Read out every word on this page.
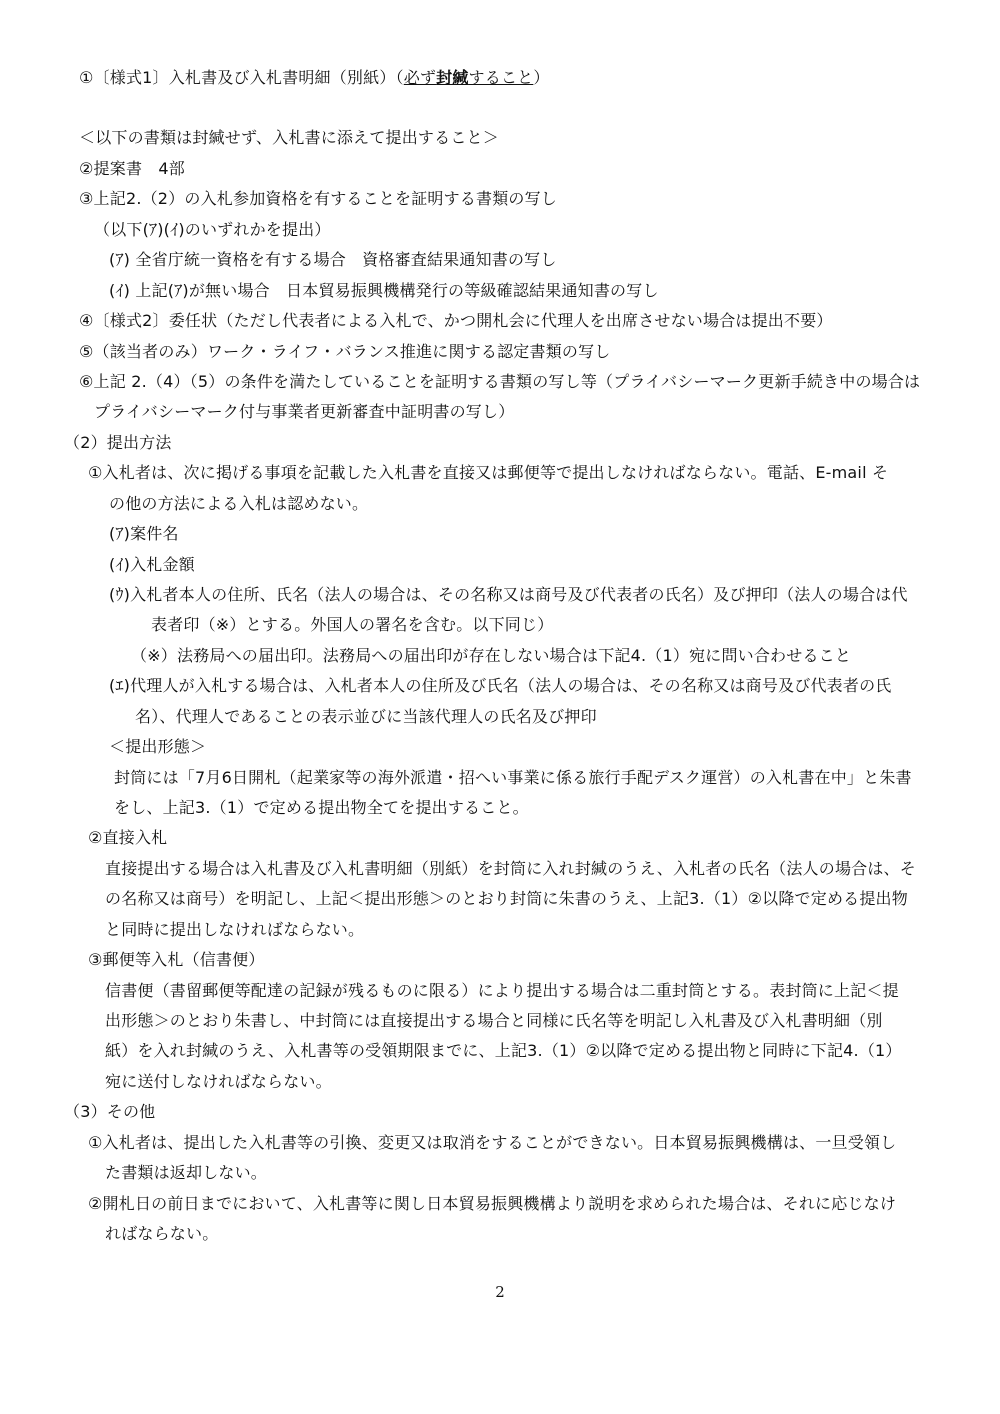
①〔様式1〕入札書及び入札書明細（別紙）（必ず封緘すること）
＜以下の書類は封緘せず、入札書に添えて提出すること＞
②提案書　4部
③上記2.（2）の入札参加資格を有することを証明する書類の写し
（以下(ｱ)(ｲ)のいずれかを提出）
(ｱ) 全省庁統一資格を有する場合　資格審査結果通知書の写し
(ｲ) 上記(ｱ)が無い場合　日本貿易振興機構発行の等級確認結果通知書の写し
④〔様式2〕委任状（ただし代表者による入札で、かつ開札会に代理人を出席させない場合は提出不要）
⑤（該当者のみ）ワーク・ライフ・バランス推進に関する認定書類の写し
⑥上記 2.（4）（5）の条件を満たしていることを証明する書類の写し等（プライバシーマーク更新手続き中の場合は
プライバシーマーク付与事業者更新審査中証明書の写し）
（2）提出方法
①入札者は、次に掲げる事項を記載した入札書を直接又は郵便等で提出しなければならない。電話、E-mail そ
の他の方法による入札は認めない。
(ｱ)案件名
(ｲ)入札金額
(ｳ)入札者本人の住所、氏名（法人の場合は、その名称又は商号及び代表者の氏名）及び押印（法人の場合は代
表者印（※）とする。外国人の署名を含む。以下同じ）
（※）法務局への届出印。法務局への届出印が存在しない場合は下記4.（1）宛に問い合わせること
(ｴ)代理人が入札する場合は、入札者本人の住所及び氏名（法人の場合は、その名称又は商号及び代表者の氏
名）、代理人であることの表示並びに当該代理人の氏名及び押印
＜提出形態＞
封筒には「7月6日開札（起業家等の海外派遣・招へい事業に係る旅行手配デスク運営）の入札書在中」と朱書
をし、上記3.（1）で定める提出物全てを提出すること。
②直接入札
直接提出する場合は入札書及び入札書明細（別紙）を封筒に入れ封緘のうえ、入札者の氏名（法人の場合は、そ
の名称又は商号）を明記し、上記＜提出形態＞のとおり封筒に朱書のうえ、上記3.（1）②以降で定める提出物
と同時に提出しなければならない。
③郵便等入札（信書便）
信書便（書留郵便等配達の記録が残るものに限る）により提出する場合は二重封筒とする。表封筒に上記＜提
出形態＞のとおり朱書し、中封筒には直接提出する場合と同様に氏名等を明記し入札書及び入札書明細（別
紙）を入れ封緘のうえ、入札書等の受領期限までに、上記3.（1）②以降で定める提出物と同時に下記4.（1）
宛に送付しなければならない。
（3）その他
①入札者は、提出した入札書等の引換、変更又は取消をすることができない。日本貿易振興機構は、一旦受領し
た書類は返却しない。
②開札日の前日までにおいて、入札書等に関し日本貿易振興機構より説明を求められた場合は、それに応じなけ
ればならない。
2
